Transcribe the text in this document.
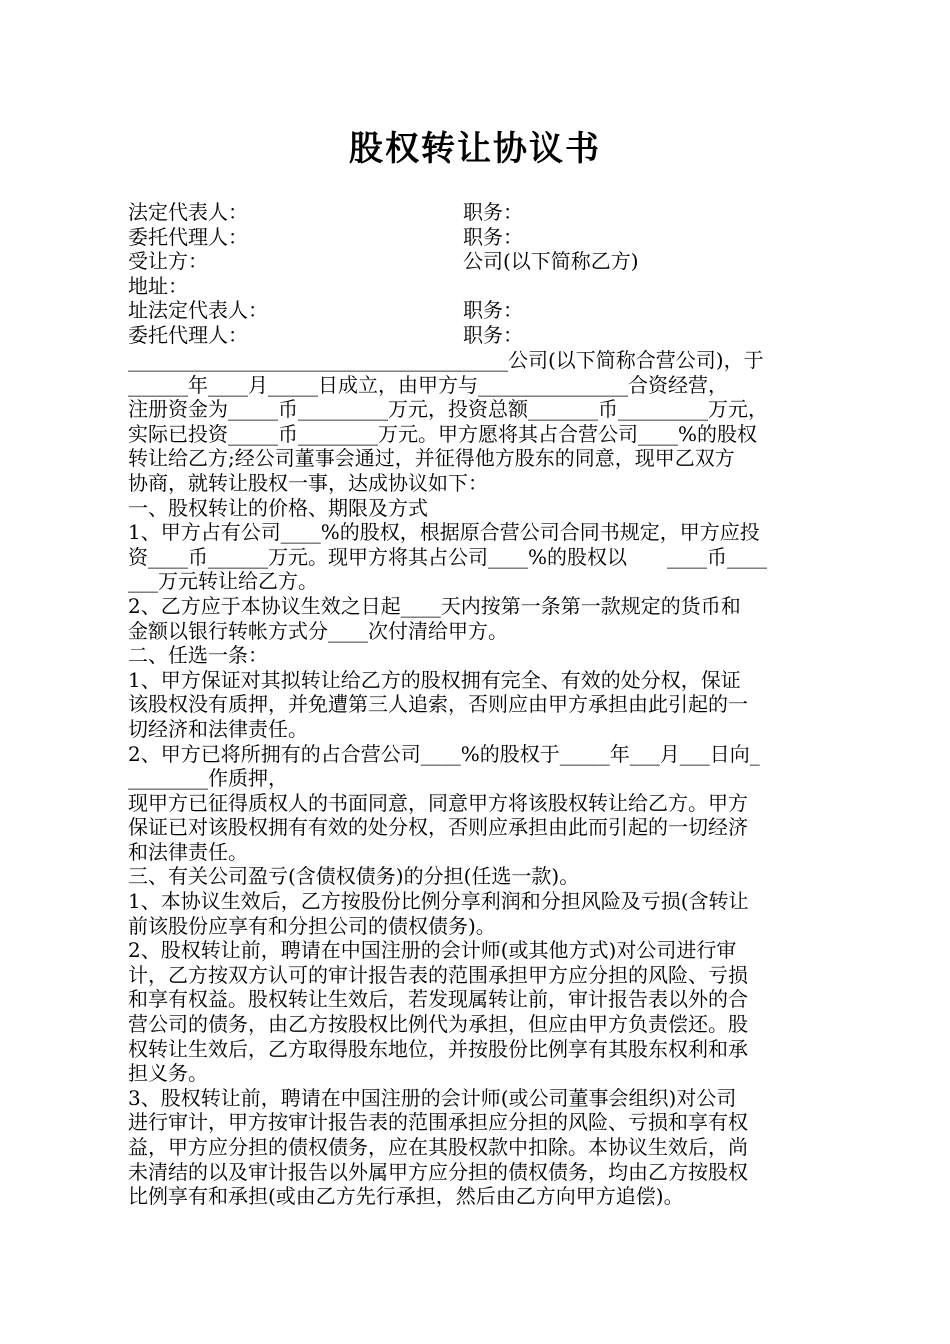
股权转让协议书
法定代表人：	职务：
委托代理人：	职务：
受让方：	公司(以下简称乙方)
地址：
址法定代表人：	职务：
委托代理人：	职务：
______________________________________公司(以下简称合营公司)，于
______年____月_____日成立，由甲方与_______________合资经营，
注册资金为_____币_________万元，投资总额_______币_________万元，
实际已投资_____币________万元。甲方愿将其占合营公司____%的股权
转让给乙方;经公司董事会通过，并征得他方股东的同意，现甲乙双方
协商，就转让股权一事，达成协议如下：
一、股权转让的价格、期限及方式
1、甲方占有公司____%的股权，根据原合营公司合同书规定，甲方应投
资____币______万元。现甲方将其占公司____%的股权以　　____币____
___万元转让给乙方。
2、乙方应于本协议生效之日起____天内按第一条第一款规定的货币和
金额以银行转帐方式分____次付清给甲方。
二、任选一条：
1、甲方保证对其拟转让给乙方的股权拥有完全、有效的处分权，保证
该股权没有质押，并免遭第三人追索，否则应由甲方承担由此引起的一
切经济和法律责任。
2、甲方已将所拥有的占合营公司____%的股权于_____年___月___日向_
________作质押，
现甲方已征得质权人的书面同意，同意甲方将该股权转让给乙方。甲方
保证已对该股权拥有有效的处分权，否则应承担由此而引起的一切经济
和法律责任。
三、有关公司盈亏(含债权债务)的分担(任选一款)。
1、本协议生效后，乙方按股份比例分享利润和分担风险及亏损(含转让
前该股份应享有和分担公司的债权债务)。
2、股权转让前，聘请在中国注册的会计师(或其他方式)对公司进行审
计，乙方按双方认可的审计报告表的范围承担甲方应分担的风险、亏损
和享有权益。股权转让生效后，若发现属转让前，审计报告表以外的合
营公司的债务，由乙方按股权比例代为承担，但应由甲方负责偿还。股
权转让生效后，乙方取得股东地位，并按股份比例享有其股东权利和承
担义务。
3、股权转让前，聘请在中国注册的会计师(或公司董事会组织)对公司
进行审计，甲方按审计报告表的范围承担应分担的风险、亏损和享有权
益，甲方应分担的债权债务，应在其股权款中扣除。本协议生效后，尚
未清结的以及审计报告以外属甲方应分担的债权债务，均由乙方按股权
比例享有和承担(或由乙方先行承担，然后由乙方向甲方追偿)。
